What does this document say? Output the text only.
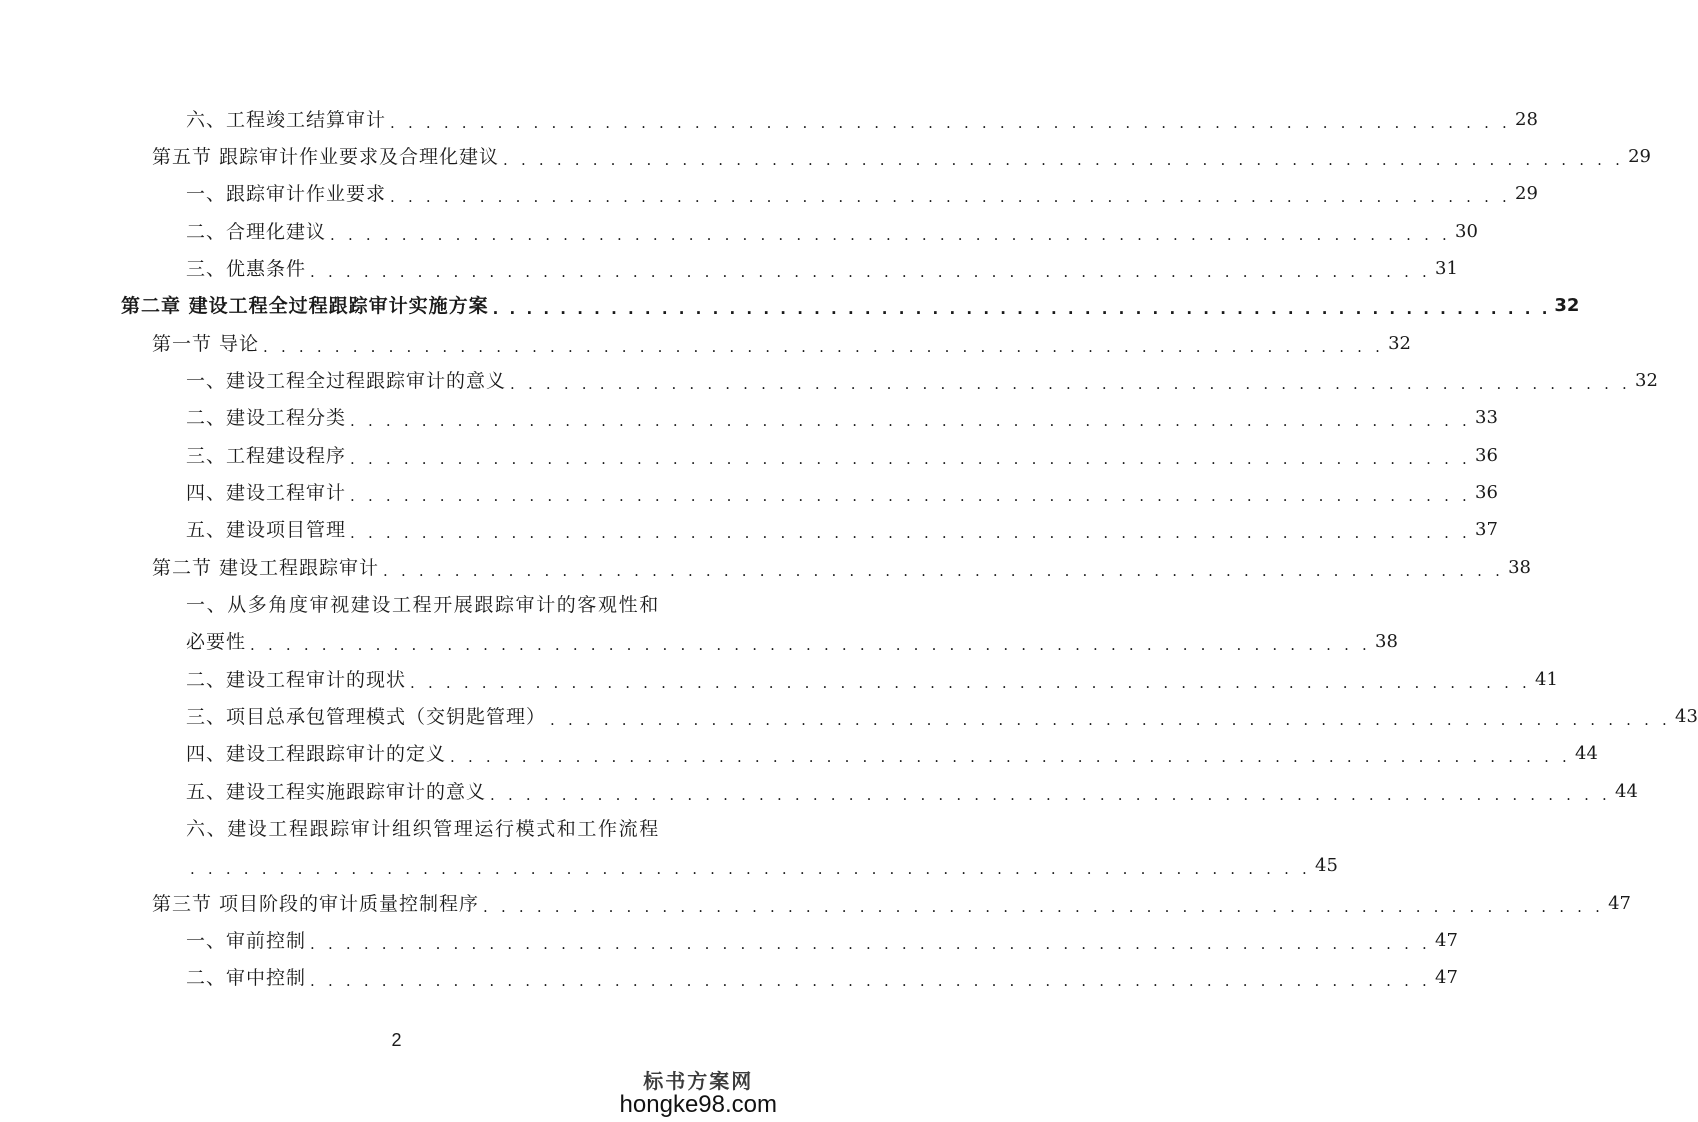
六、工程竣工结算审计 . . . . . . . . . . . . . . . . . . . . . . . . . . . . . . . . . . . . . . . . . . . . . . . . . . . . . . . . . . . . . . . 28
第五节 跟踪审计作业要求及合理化建议 . . . . . . . . . . . . . . . . . . . . . . . . . . . . . . . . . . . . . . . . . . . . . . . . . . . . . . . . . . . . . . . 29
一、跟踪审计作业要求 . . . . . . . . . . . . . . . . . . . . . . . . . . . . . . . . . . . . . . . . . . . . . . . . . . . . . . . . . . . . . . . 29
二、合理化建议 . . . . . . . . . . . . . . . . . . . . . . . . . . . . . . . . . . . . . . . . . . . . . . . . . . . . . . . . . . . . . . . 30
三、优惠条件 . . . . . . . . . . . . . . . . . . . . . . . . . . . . . . . . . . . . . . . . . . . . . . . . . . . . . . . . . . . . . . . 31
第二章 建设工程全过程跟踪审计实施方案 . . . . . . . . . . . . . . . . . . . . . . . . . . . . . . . . . . . . . . . . . . . . . . . . . . . . . . . . . . . . . . . 32
第一节 导论 . . . . . . . . . . . . . . . . . . . . . . . . . . . . . . . . . . . . . . . . . . . . . . . . . . . . . . . . . . . . . . . 32
一、建设工程全过程跟踪审计的意义 . . . . . . . . . . . . . . . . . . . . . . . . . . . . . . . . . . . . . . . . . . . . . . . . . . . . . . . . . . . . . . . 32
二、建设工程分类 . . . . . . . . . . . . . . . . . . . . . . . . . . . . . . . . . . . . . . . . . . . . . . . . . . . . . . . . . . . . . . . 33
三、工程建设程序 . . . . . . . . . . . . . . . . . . . . . . . . . . . . . . . . . . . . . . . . . . . . . . . . . . . . . . . . . . . . . . . 36
四、建设工程审计 . . . . . . . . . . . . . . . . . . . . . . . . . . . . . . . . . . . . . . . . . . . . . . . . . . . . . . . . . . . . . . . 36
五、建设项目管理 . . . . . . . . . . . . . . . . . . . . . . . . . . . . . . . . . . . . . . . . . . . . . . . . . . . . . . . . . . . . . . . 37
第二节 建设工程跟踪审计 . . . . . . . . . . . . . . . . . . . . . . . . . . . . . . . . . . . . . . . . . . . . . . . . . . . . . . . . . . . . . . . 38
一、从多角度审视建设工程开展跟踪审计的客观性和
必要性 . . . . . . . . . . . . . . . . . . . . . . . . . . . . . . . . . . . . . . . . . . . . . . . . . . . . . . . . . . . . . . . 38
二、建设工程审计的现状 . . . . . . . . . . . . . . . . . . . . . . . . . . . . . . . . . . . . . . . . . . . . . . . . . . . . . . . . . . . . . . . 41
三、项目总承包管理模式（交钥匙管理） . . . . . . . . . . . . . . . . . . . . . . . . . . . . . . . . . . . . . . . . . . . . . . . . . . . . . . . . . . . . . . . 43
四、建设工程跟踪审计的定义 . . . . . . . . . . . . . . . . . . . . . . . . . . . . . . . . . . . . . . . . . . . . . . . . . . . . . . . . . . . . . . . 44
五、建设工程实施跟踪审计的意义 . . . . . . . . . . . . . . . . . . . . . . . . . . . . . . . . . . . . . . . . . . . . . . . . . . . . . . . . . . . . . . . 44
六、建设工程跟踪审计组织管理运行模式和工作流程
. . . . . . . . . . . . . . . . . . . . . . . . . . . . . . . . . . . . . . . . . . . . . . . . . . . . . . . . . . . . . . . 45
第三节 项目阶段的审计质量控制程序 . . . . . . . . . . . . . . . . . . . . . . . . . . . . . . . . . . . . . . . . . . . . . . . . . . . . . . . . . . . . . . . 47
一、审前控制 . . . . . . . . . . . . . . . . . . . . . . . . . . . . . . . . . . . . . . . . . . . . . . . . . . . . . . . . . . . . . . . 47
二、审中控制 . . . . . . . . . . . . . . . . . . . . . . . . . . . . . . . . . . . . . . . . . . . . . . . . . . . . . . . . . . . . . . . 47
2
标书方案网
hongke98.com
